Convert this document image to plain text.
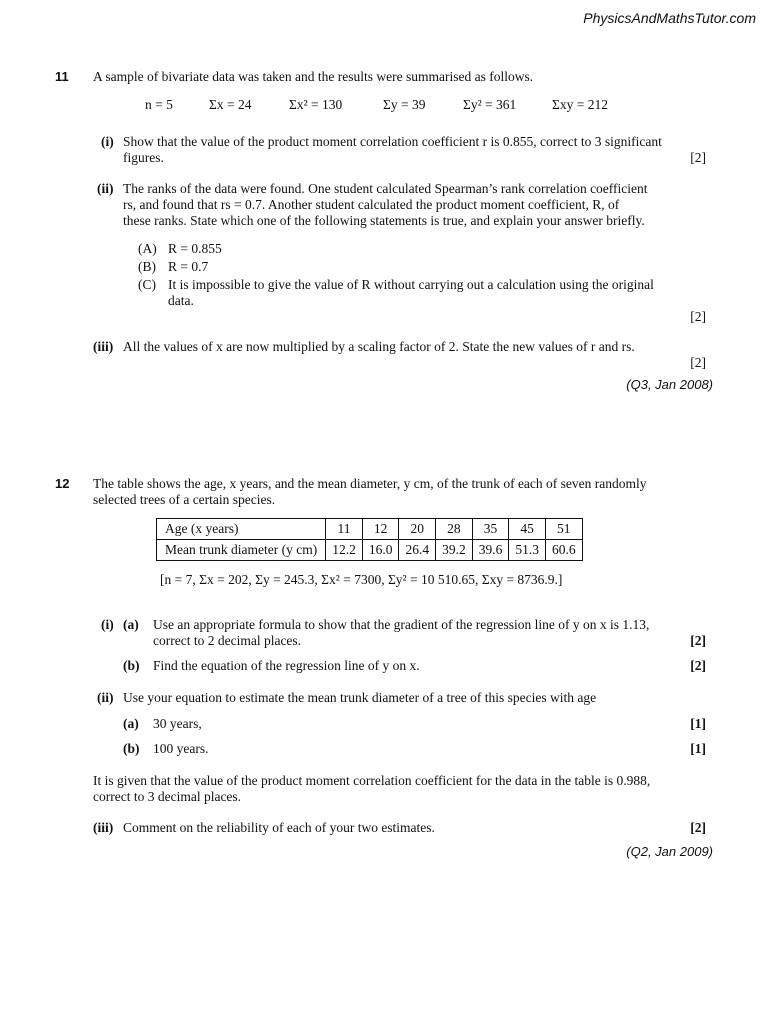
PhysicsAndMathsTutor.com
11 A sample of bivariate data was taken and the results were summarised as follows.
n = 5	Σx = 24	Σx² = 130	Σy = 39	Σy² = 361	Σxy = 212
(i) Show that the value of the product moment correlation coefficient r is 0.855, correct to 3 significant
figures.	[2]
(ii) The ranks of the data were found. One student calculated Spearman’s rank correlation coefficient
rs, and found that rs = 0.7. Another student calculated the product moment coefficient, R, of
these ranks. State which one of the following statements is true, and explain your answer briefly.
(A) R = 0.855
(B) R = 0.7
(C) It is impossible to give the value of R without carrying out a calculation using the original
data.
[2]
(iii) All the values of x are now multiplied by a scaling factor of 2. State the new values of r and rs.
[2]
(Q3, Jan 2008)
12 The table shows the age, x years, and the mean diameter, y cm, of the trunk of each of seven randomly
selected trees of a certain species.
Age (x years)	11	12	20	28	35	45	51
Mean trunk diameter (y cm)	12.2	16.0	26.4	39.2	39.6	51.3	60.6
[n = 7, Σx = 202, Σy = 245.3, Σx² = 7300, Σy² = 10 510.65, Σxy = 8736.9.]
(i) (a) Use an appropriate formula to show that the gradient of the regression line of y on x is 1.13,
correct to 2 decimal places.	[2]
(b) Find the equation of the regression line of y on x.	[2]
(ii) Use your equation to estimate the mean trunk diameter of a tree of this species with age
(a) 30 years,	[1]
(b) 100 years.	[1]
It is given that the value of the product moment correlation coefficient for the data in the table is 0.988,
correct to 3 decimal places.
(iii) Comment on the reliability of each of your two estimates.	[2]
(Q2, Jan 2009)
